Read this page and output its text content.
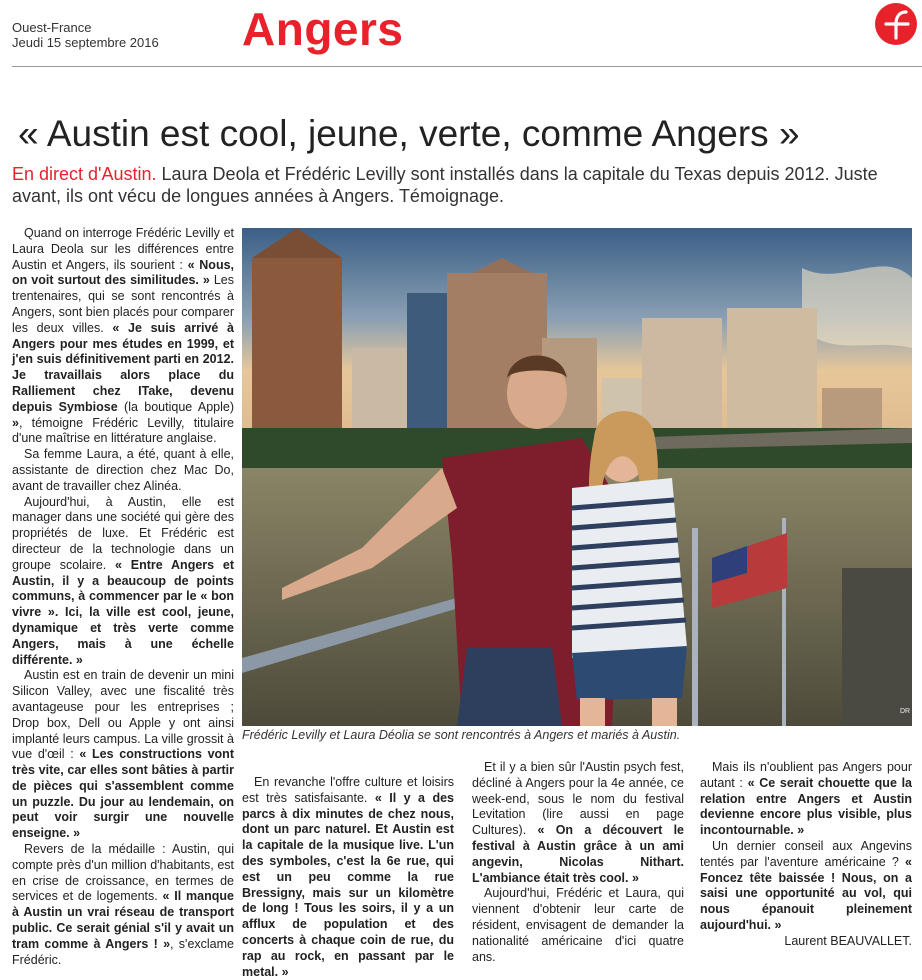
Ouest-France
Jeudi 15 septembre 2016 Angers
« Austin est cool, jeune, verte, comme Angers »
En direct d'Austin. Laura Deola et Frédéric Levilly sont installés dans la capitale du Texas depuis 2012. Juste avant, ils ont vécu de longues années à Angers. Témoignage.

Quand on interroge Frédéric Levilly et Laura Deola sur les différences entre Austin et Angers, ils sourient : « Nous, on voit surtout des similitudes. » Les trentenaires, qui se sont rencontrés à Angers, sont bien placés pour comparer les deux villes. « Je suis arrivé à Angers pour mes études en 1999, et j'en suis définitivement parti en 2012. Je travaillais alors place du Ralliement chez ITake, devenu depuis Symbiose (la boutique Apple) », témoigne Frédéric Levilly, titulaire d'une maîtrise en littérature anglaise.

Sa femme Laura, a été, quant à elle, assistante de direction chez Mac Do, avant de travailler chez Alinéa.

Aujourd'hui, à Austin, elle est manager dans une société qui gère des propriétés de luxe. Et Frédéric est directeur de la technologie dans un groupe scolaire. « Entre Angers et Austin, il y a beaucoup de points communs, à commencer par le « bon vivre ». Ici, la ville est cool, jeune, dynamique et très verte comme Angers, mais à une échelle différente. »

Austin est en train de devenir un mini Silicon Valley, avec une fiscalité très avantageuse pour les entreprises ; Drop box, Dell ou Apple y ont ainsi implanté leurs campus. La ville grossit à vue d'œil : « Les constructions vont très vite, car elles sont bâties à partir de pièces qui s'assemblent comme un puzzle. Du jour au lendemain, on peut voir surgir une nouvelle enseigne. »

Revers de la médaille : Austin, qui compte près d'un million d'habitants, est en crise de croissance, en termes de services et de logements. « Il manque à Austin un vrai réseau de transport public. Ce serait génial s'il y avait un tram comme à Angers ! », s'exclame Frédéric.

Frédéric Levilly et Laura Déolia se sont rencontrés à Angers et mariés à Austin.
DR

En revanche l'offre culture et loisirs est très satisfaisante. « Il y a des parcs à dix minutes de chez nous, dont un parc naturel. Et Austin est la capitale de la musique live. L'un des symboles, c'est la 6e rue, qui est un peu comme la rue Bressigny, mais sur un kilomètre de long ! Tous les soirs, il y a un afflux de population et des concerts à chaque coin de rue, du rap au rock, en passant par le metal. »

Et il y a bien sûr l'Austin psych fest, décliné à Angers pour la 4e année, ce week-end, sous le nom du festival Levitation (lire aussi en page Cultures). « On a découvert le festival à Austin grâce à un ami angevin, Nicolas Nithart. L'ambiance était très cool. »

Aujourd'hui, Frédéric et Laura, qui viennent d'obtenir leur carte de résident, envisagent de demander la nationalité américaine d'ici quatre ans.

Mais ils n'oublient pas Angers pour autant : « Ce serait chouette que la relation entre Angers et Austin devienne encore plus visible, plus incontournable. »

Un dernier conseil aux Angevins tentés par l'aventure américaine ? « Foncez tête baissée ! Nous, on a saisi une opportunité au vol, qui nous épanouit pleinement aujourd'hui. »

Laurent BEAUVALLET.
